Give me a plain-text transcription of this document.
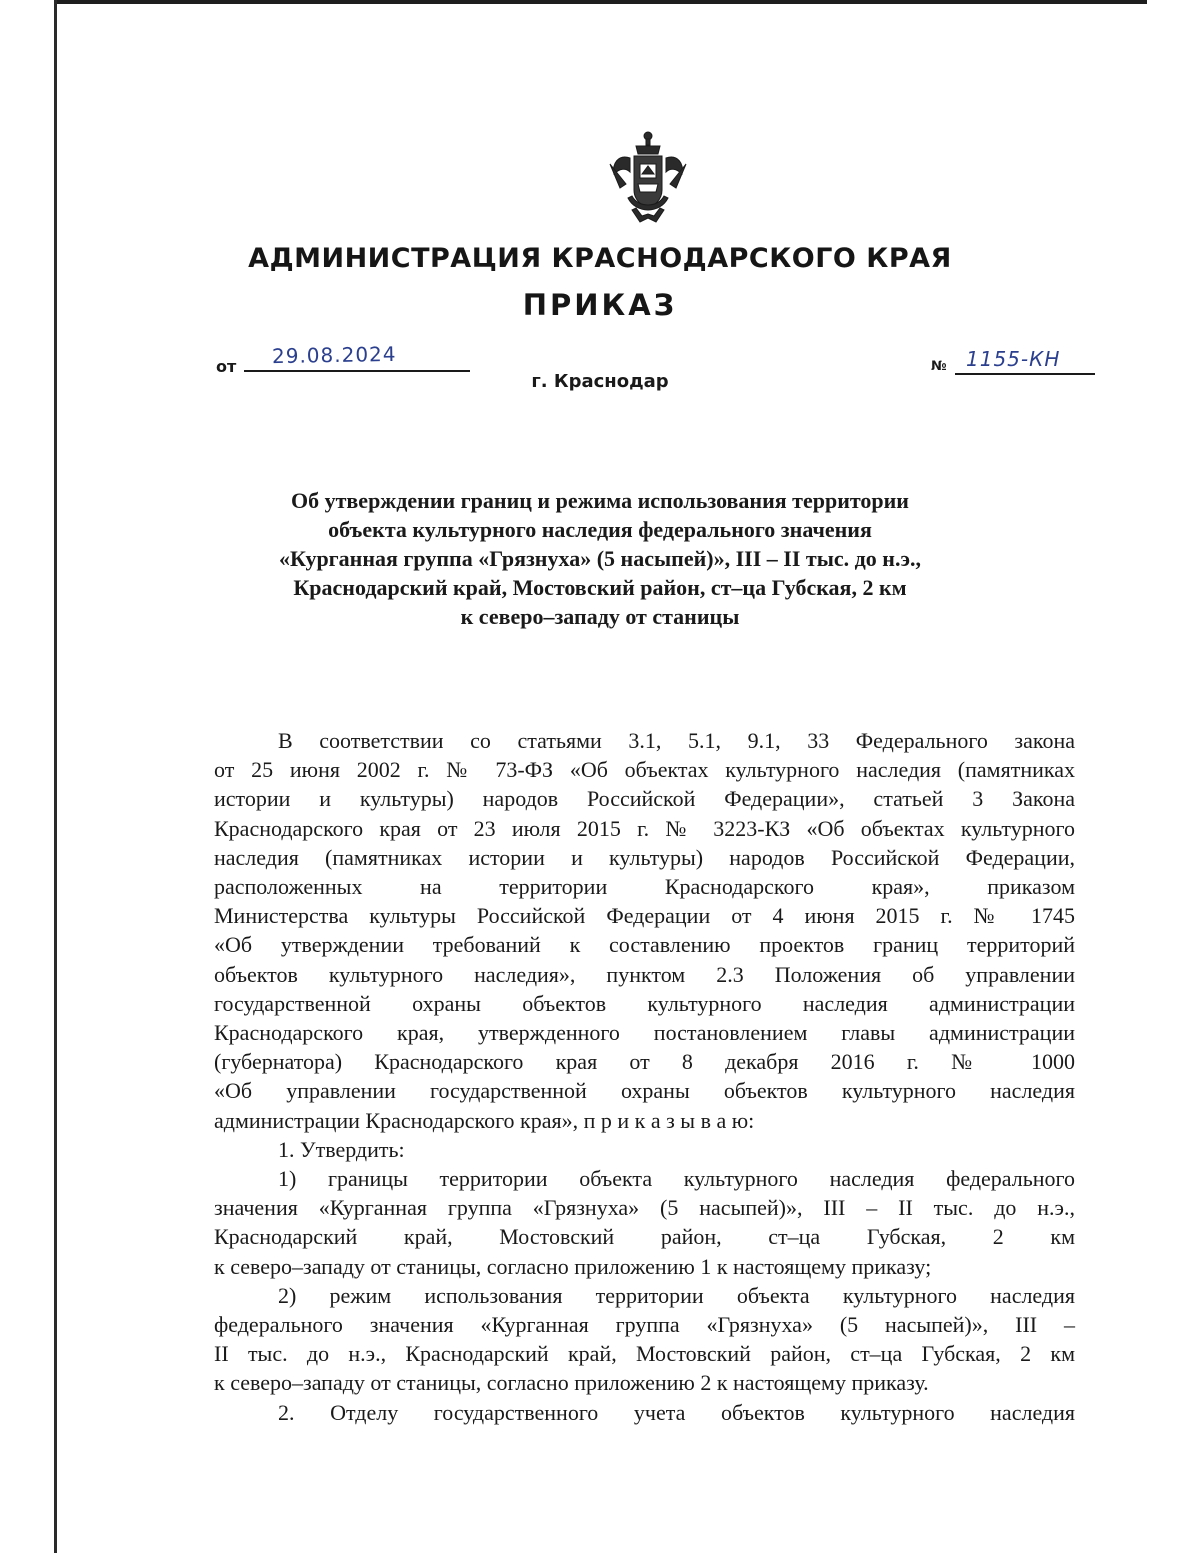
АДМИНИСТРАЦИЯ КРАСНОДАРСКОГО КРАЯ
ПРИКАЗ
от 29.08.2024
г. Краснодар
№ 1155-КН
Об утверждении границ и режима использования территории
объекта культурного наследия федерального значения
«Курганная группа «Грязнуха» (5 насыпей)», III – II тыс. до н.э.,
Краснодарский край, Мостовский район, ст–ца Губская, 2 км
к северо–западу от станицы

В соответствии со статьями 3.1, 5.1, 9.1, 33 Федерального закона

от 25 июня 2002 г. № 73-ФЗ «Об объектах культурного наследия (памятниках

истории и культуры) народов Российской Федерации», статьей 3 Закона

Краснодарского края от 23 июля 2015 г. № 3223-КЗ «Об объектах культурного

наследия (памятниках истории и культуры) народов Российской Федерации,

расположенных на территории Краснодарского края», приказом

Министерства культуры Российской Федерации от 4 июня 2015 г. № 1745

«Об утверждении требований к составлению проектов границ территорий

объектов культурного наследия», пунктом 2.3 Положения об управлении

государственной охраны объектов культурного наследия администрации

Краснодарского края, утвержденного постановлением главы администрации

(губернатора) Краснодарского края от 8 декабря 2016 г. № 1000

«Об управлении государственной охраны объектов культурного наследия

администрации Краснодарского края», п р и к а з ы в а ю:

1. Утвердить:

1) границы территории объекта культурного наследия федерального

значения «Курганная группа «Грязнуха» (5 насыпей)», III – II тыс. до н.э.,

Краснодарский край, Мостовский район, ст–ца Губская, 2 км

к северо–западу от станицы, согласно приложению 1 к настоящему приказу;

2) режим использования территории объекта культурного наследия

федерального значения «Курганная группа «Грязнуха» (5 насыпей)», III –

II тыс. до н.э., Краснодарский край, Мостовский район, ст–ца Губская, 2 км

к северо–западу от станицы, согласно приложению 2 к настоящему приказу.

2. Отделу государственного учета объектов культурного наследия
